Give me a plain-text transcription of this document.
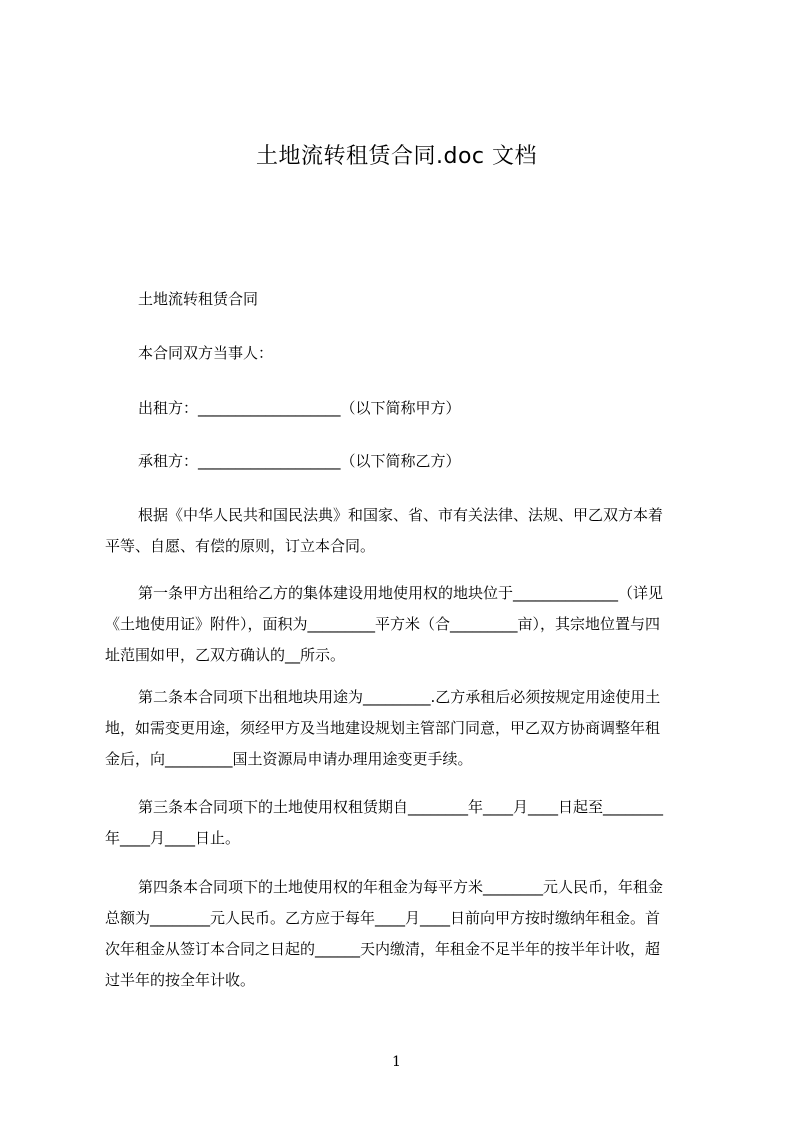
土地流转租赁合同.doc 文档
土地流转租赁合同
本合同双方当事人：
出租方：___________________（以下简称甲方）
承租方：___________________（以下简称乙方）
根据《中华人民共和国民法典》和国家、省、市有关法律、法规、甲乙双方本着
平等、自愿、有偿的原则，订立本合同。
第一条甲方出租给乙方的集体建设用地使用权的地块位于______________（详见
《土地使用证》附件），面积为_________平方米（合_________亩），其宗地位置与四
址范围如甲，乙双方确认的__所示。
第二条本合同项下出租地块用途为_________.乙方承租后必须按规定用途使用土
地，如需变更用途，须经甲方及当地建设规划主管部门同意，甲乙双方协商调整年租
金后，向_________国土资源局申请办理用途变更手续。
第三条本合同项下的土地使用权租赁期自________年____月____日起至________
年____月____日止。
第四条本合同项下的土地使用权的年租金为每平方米________元人民币，年租金
总额为________元人民币。乙方应于每年____月____日前向甲方按时缴纳年租金。首
次年租金从签订本合同之日起的______天内缴清，年租金不足半年的按半年计收，超
过半年的按全年计收。
1
